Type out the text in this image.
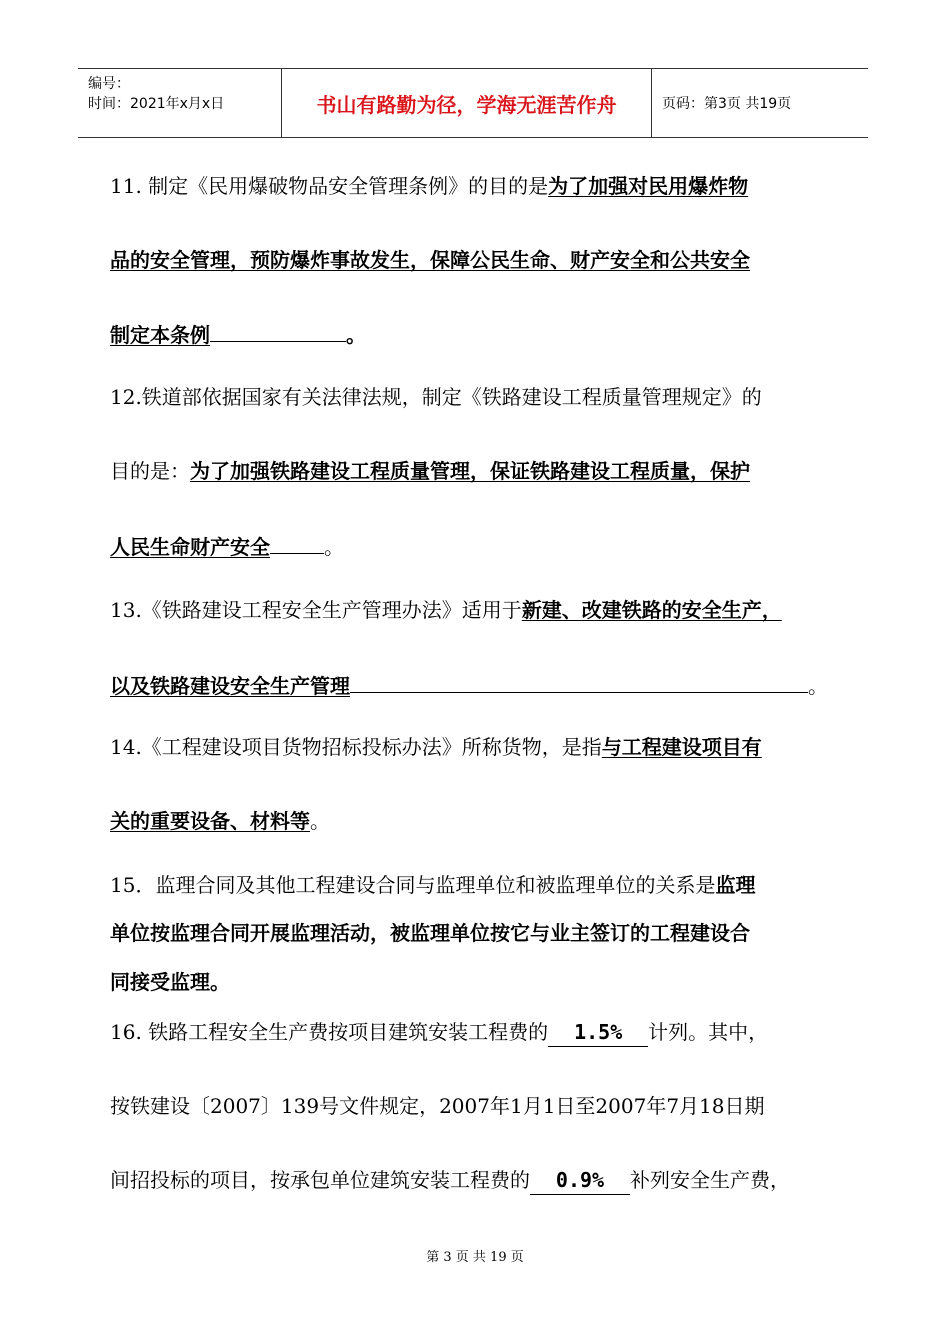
编号：
时间：2021年x月x日	书山有路勤为径，学海无涯苦作舟	页码：第3页 共19页
11. 制定《民用爆破物品安全管理条例》的目的是为了加强对民用爆炸物
品的安全管理，预防爆炸事故发生，保障公民生命、财产安全和公共安全
制定本条例	。
12.铁道部依据国家有关法律法规，制定《铁路建设工程质量管理规定》的
目的是：为了加强铁路建设工程质量管理，保证铁路建设工程质量，保护
人民生命财产安全	。
13.《铁路建设工程安全生产管理办法》适用于新建、改建铁路的安全生产，
以及铁路建设安全生产管理	。
14.《工程建设项目货物招标投标办法》所称货物，是指与工程建设项目有
关的重要设备、材料等。
15．监理合同及其他工程建设合同与监理单位和被监理单位的关系是监理
单位按监理合同开展监理活动，被监理单位按它与业主签订的工程建设合
同接受监理。
16. 铁路工程安全生产费按项目建筑安装工程费的 1.5% 计列。其中，
按铁建设〔2007〕139号文件规定，2007年1月1日至2007年7月18日期
间招投标的项目，按承包单位建筑安装工程费的 0.9% 补列安全生产费，
第 3 页 共 19 页
